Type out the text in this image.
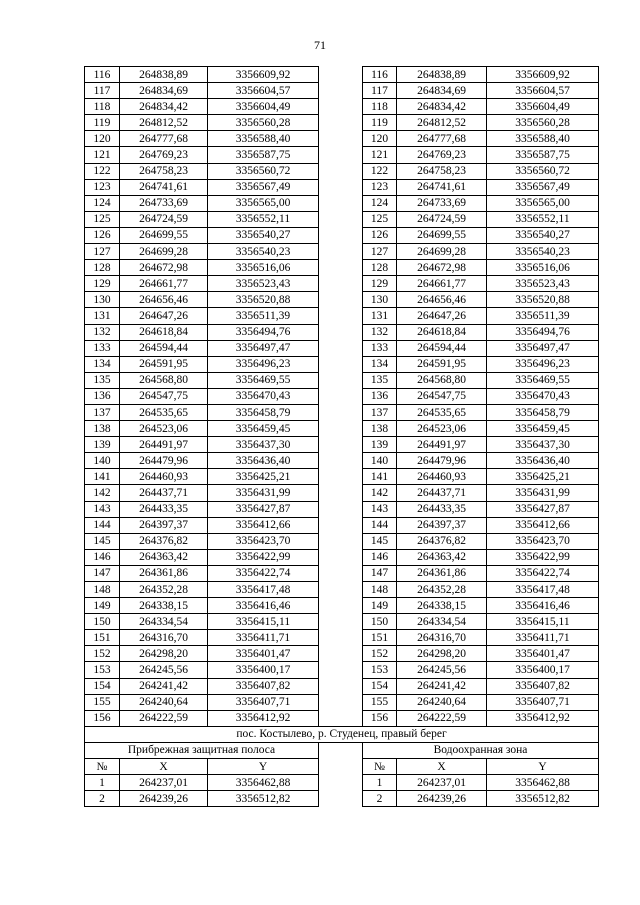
71
116	264838,89	3356609,92		116	264838,89	3356609,92
117	264834,69	3356604,57		117	264834,69	3356604,57
118	264834,42	3356604,49		118	264834,42	3356604,49
119	264812,52	3356560,28		119	264812,52	3356560,28
120	264777,68	3356588,40		120	264777,68	3356588,40
121	264769,23	3356587,75		121	264769,23	3356587,75
122	264758,23	3356560,72		122	264758,23	3356560,72
123	264741,61	3356567,49		123	264741,61	3356567,49
124	264733,69	3356565,00		124	264733,69	3356565,00
125	264724,59	3356552,11		125	264724,59	3356552,11
126	264699,55	3356540,27		126	264699,55	3356540,27
127	264699,28	3356540,23		127	264699,28	3356540,23
128	264672,98	3356516,06		128	264672,98	3356516,06
129	264661,77	3356523,43		129	264661,77	3356523,43
130	264656,46	3356520,88		130	264656,46	3356520,88
131	264647,26	3356511,39		131	264647,26	3356511,39
132	264618,84	3356494,76		132	264618,84	3356494,76
133	264594,44	3356497,47		133	264594,44	3356497,47
134	264591,95	3356496,23		134	264591,95	3356496,23
135	264568,80	3356469,55		135	264568,80	3356469,55
136	264547,75	3356470,43		136	264547,75	3356470,43
137	264535,65	3356458,79		137	264535,65	3356458,79
138	264523,06	3356459,45		138	264523,06	3356459,45
139	264491,97	3356437,30		139	264491,97	3356437,30
140	264479,96	3356436,40		140	264479,96	3356436,40
141	264460,93	3356425,21		141	264460,93	3356425,21
142	264437,71	3356431,99		142	264437,71	3356431,99
143	264433,35	3356427,87		143	264433,35	3356427,87
144	264397,37	3356412,66		144	264397,37	3356412,66
145	264376,82	3356423,70		145	264376,82	3356423,70
146	264363,42	3356422,99		146	264363,42	3356422,99
147	264361,86	3356422,74		147	264361,86	3356422,74
148	264352,28	3356417,48		148	264352,28	3356417,48
149	264338,15	3356416,46		149	264338,15	3356416,46
150	264334,54	3356415,11		150	264334,54	3356415,11
151	264316,70	3356411,71		151	264316,70	3356411,71
152	264298,20	3356401,47		152	264298,20	3356401,47
153	264245,56	3356400,17		153	264245,56	3356400,17
154	264241,42	3356407,82		154	264241,42	3356407,82
155	264240,64	3356407,71		155	264240,64	3356407,71
156	264222,59	3356412,92		156	264222,59	3356412,92
пос. Костылево, р. Студенец, правый берег						
Прибрежная защитная полоса				Водоохранная зона		
№	X	Y		№	X	Y
1	264237,01	3356462,88		1	264237,01	3356462,88
2	264239,26	3356512,82		2	264239,26	3356512,82
